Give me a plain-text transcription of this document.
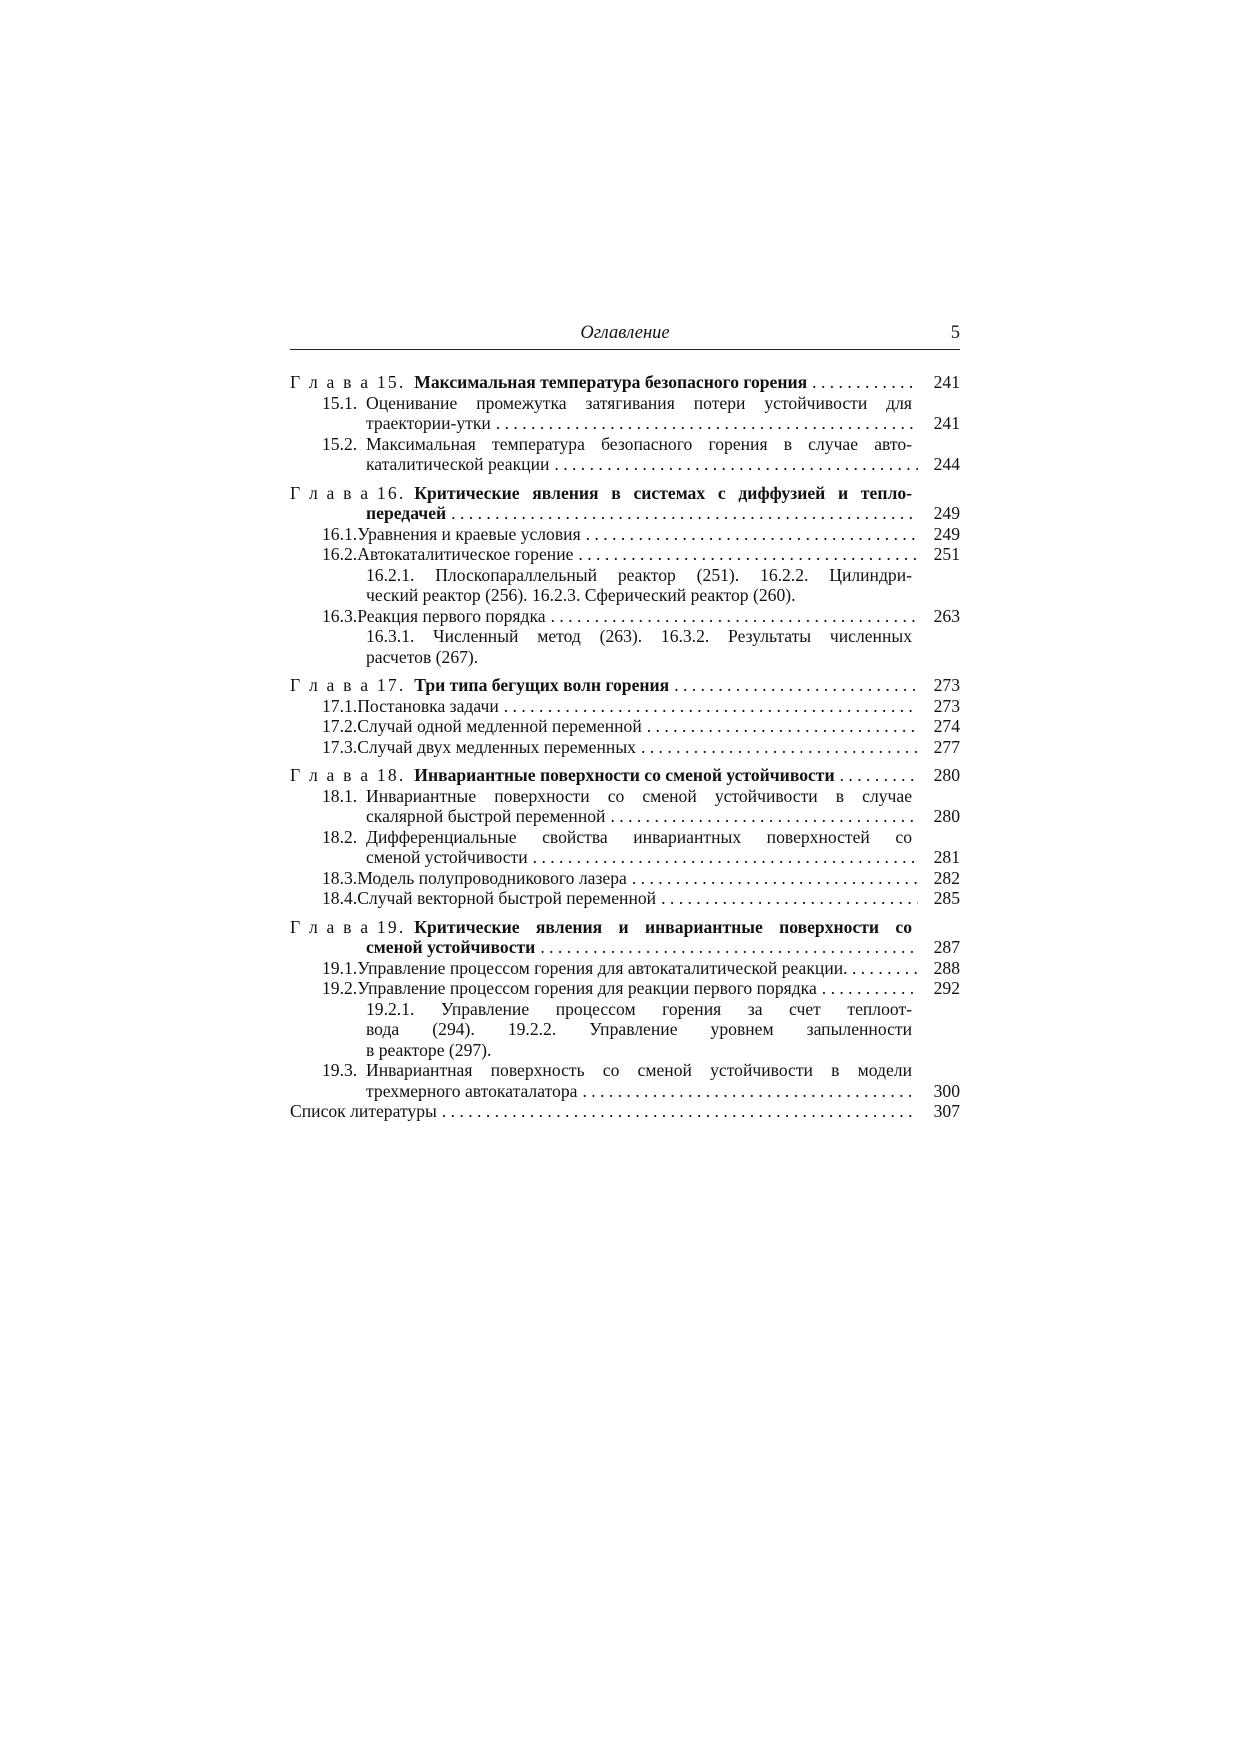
Оглавление	5
Г л а в а 15. Максимальная температура безопасного горения . . .	241
15.1. Оценивание промежутка затягивания потери устойчивости для
траектории-утки . . .	241
15.2. Максимальная температура безопасного горения в случае авто-
каталитической реакции . . .	244
Г л а в а 16.
Критические явления в системах с диффузией и тепло-
передачей . . .	249
16.1. Уравнения и краевые условия . . .	249
16.2. Автокаталитическое горение . . .	251
16.2.1. Плоскопараллельный реактор (251). 16.2.2. Цилиндри-
ческий реактор (256). 16.2.3. Сферический реактор (260).
16.3. Реакция первого порядка . . .	263
16.3.1. Численный метод (263). 16.3.2. Результаты численных
расчетов (267).
Г л а в а 17. Три типа бегущих волн горения . . .	273
17.1. Постановка задачи . . .	273
17.2. Случай одной медленной переменной . . .	274
17.3. Случай двух медленных переменных . . .	277
Г л а в а 18. Инвариантные поверхности со сменой устойчивости . . .	280
18.1. Инвариантные поверхности со сменой устойчивости в случае
скалярной быстрой переменной . . .	280
18.2. Дифференциальные свойства инвариантных поверхностей со
сменой устойчивости . . .	281
18.3. Модель полупроводникового лазера . . .	282
18.4. Случай векторной быстрой переменной . . .	285
Г л а в а 19.
Критические явления и инвариантные поверхности со
сменой устойчивости . . .	287
19.1. Управление процессом горения для автокаталитической реакции . . .	288
19.2. Управление процессом горения для реакции первого порядка . . .	292
19.2.1. Управление процессом горения за счет теплоот-
вода (294). 19.2.2. Управление уровнем запыленности
в реакторе (297).
19.3. Инвариантная поверхность со сменой устойчивости в модели
трехмерного автокаталатора . . .	300
Список литературы . . .	307
